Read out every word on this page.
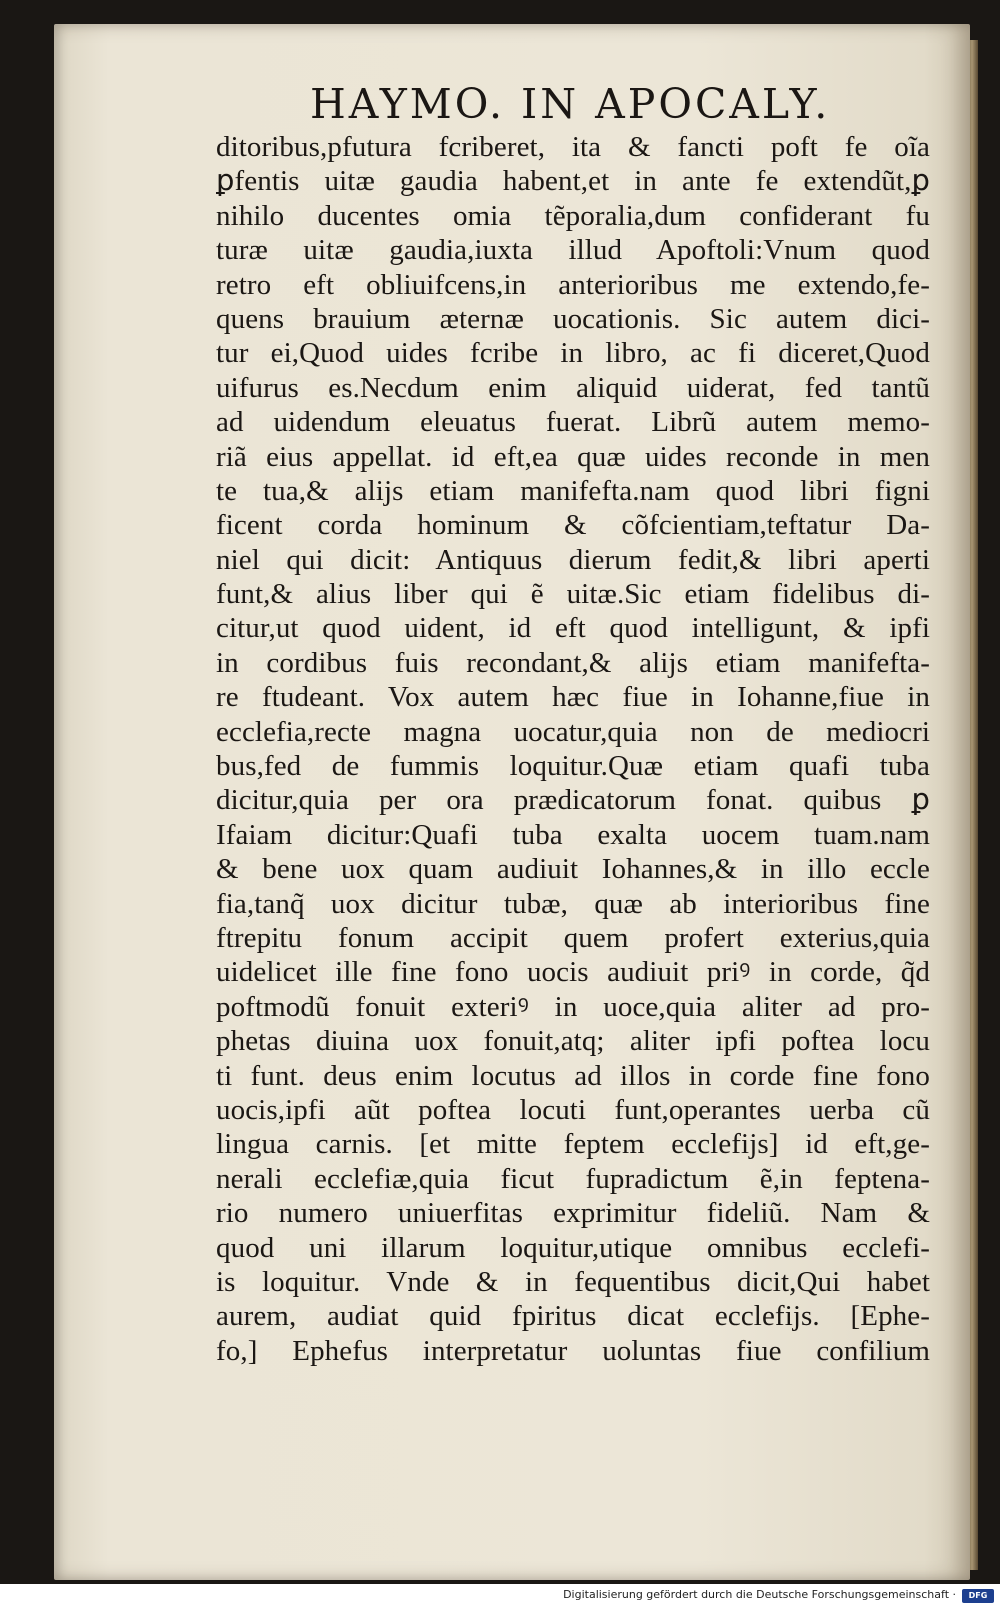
HAYMO. IN APOCALY.
ditoribus,pfutura fcriberet, ita & fancti poft fe oĩa
ꝑfentis uitæ gaudia habent,et in ante fe extendũt,ꝑ
nihilo ducentes omia tẽporalia,dum confiderant fu
turæ uitæ gaudia,iuxta illud Apoftoli:Vnum quod
retro eft obliuifcens,in anterioribus me extendo,fe-
quens brauium æternæ uocationis. Sic autem dici-
tur ei,Quod uides fcribe in libro, ac fi diceret,Quod
uifurus es.Necdum enim aliquid uiderat, fed tantũ
ad uidendum eleuatus fuerat. Librũ autem memo-
riã eius appellat. id eft,ea quæ uides reconde in men
te tua,& alijs etiam manifefta.nam quod libri figni
ficent corda hominum & cõfcientiam,teftatur Da-
niel qui dicit: Antiquus dierum fedit,& libri aperti
funt,& alius liber qui ẽ uitæ.Sic etiam fidelibus di-
citur,ut quod uident, id eft quod intelligunt, & ipfi
in cordibus fuis recondant,& alijs etiam manifefta-
re ftudeant. Vox autem hæc fiue in Iohanne,fiue in
ecclefia,recte magna uocatur,quia non de mediocri
bus,fed de fummis loquitur.Quæ etiam quafi tuba
dicitur,quia per ora prædicatorum fonat. quibus ꝑ
Ifaiam dicitur:Quafi tuba exalta uocem tuam.nam
& bene uox quam audiuit Iohannes,& in illo eccle
fia,tanq̃ uox dicitur tubæ, quæ ab interioribus fine
ftrepitu fonum accipit quem profert exterius,quia
uidelicet ille fine fono uocis audiuit priꝰ in corde, q̃d
poftmodũ fonuit exteriꝰ in uoce,quia aliter ad pro-
phetas diuina uox fonuit,atq; aliter ipfi poftea locu
ti funt. deus enim locutus ad illos in corde fine fono
uocis,ipfi aũt poftea locuti funt,operantes uerba cũ
lingua carnis. [et mitte feptem ecclefijs] id eft,ge-
nerali ecclefiæ,quia ficut fupradictum ẽ,in feptena-
rio numero uniuerfitas exprimitur fideliũ. Nam &
quod uni illarum loquitur,utique omnibus ecclefi-
is loquitur. Vnde & in fequentibus dicit,Qui habet
aurem, audiat quid fpiritus dicat ecclefijs. [Ephe-
fo,] Ephefus interpretatur uoluntas fiue confilium
Digitalisierung gefördert durch die Deutsche Forschungsgemeinschaft ·	DFG
